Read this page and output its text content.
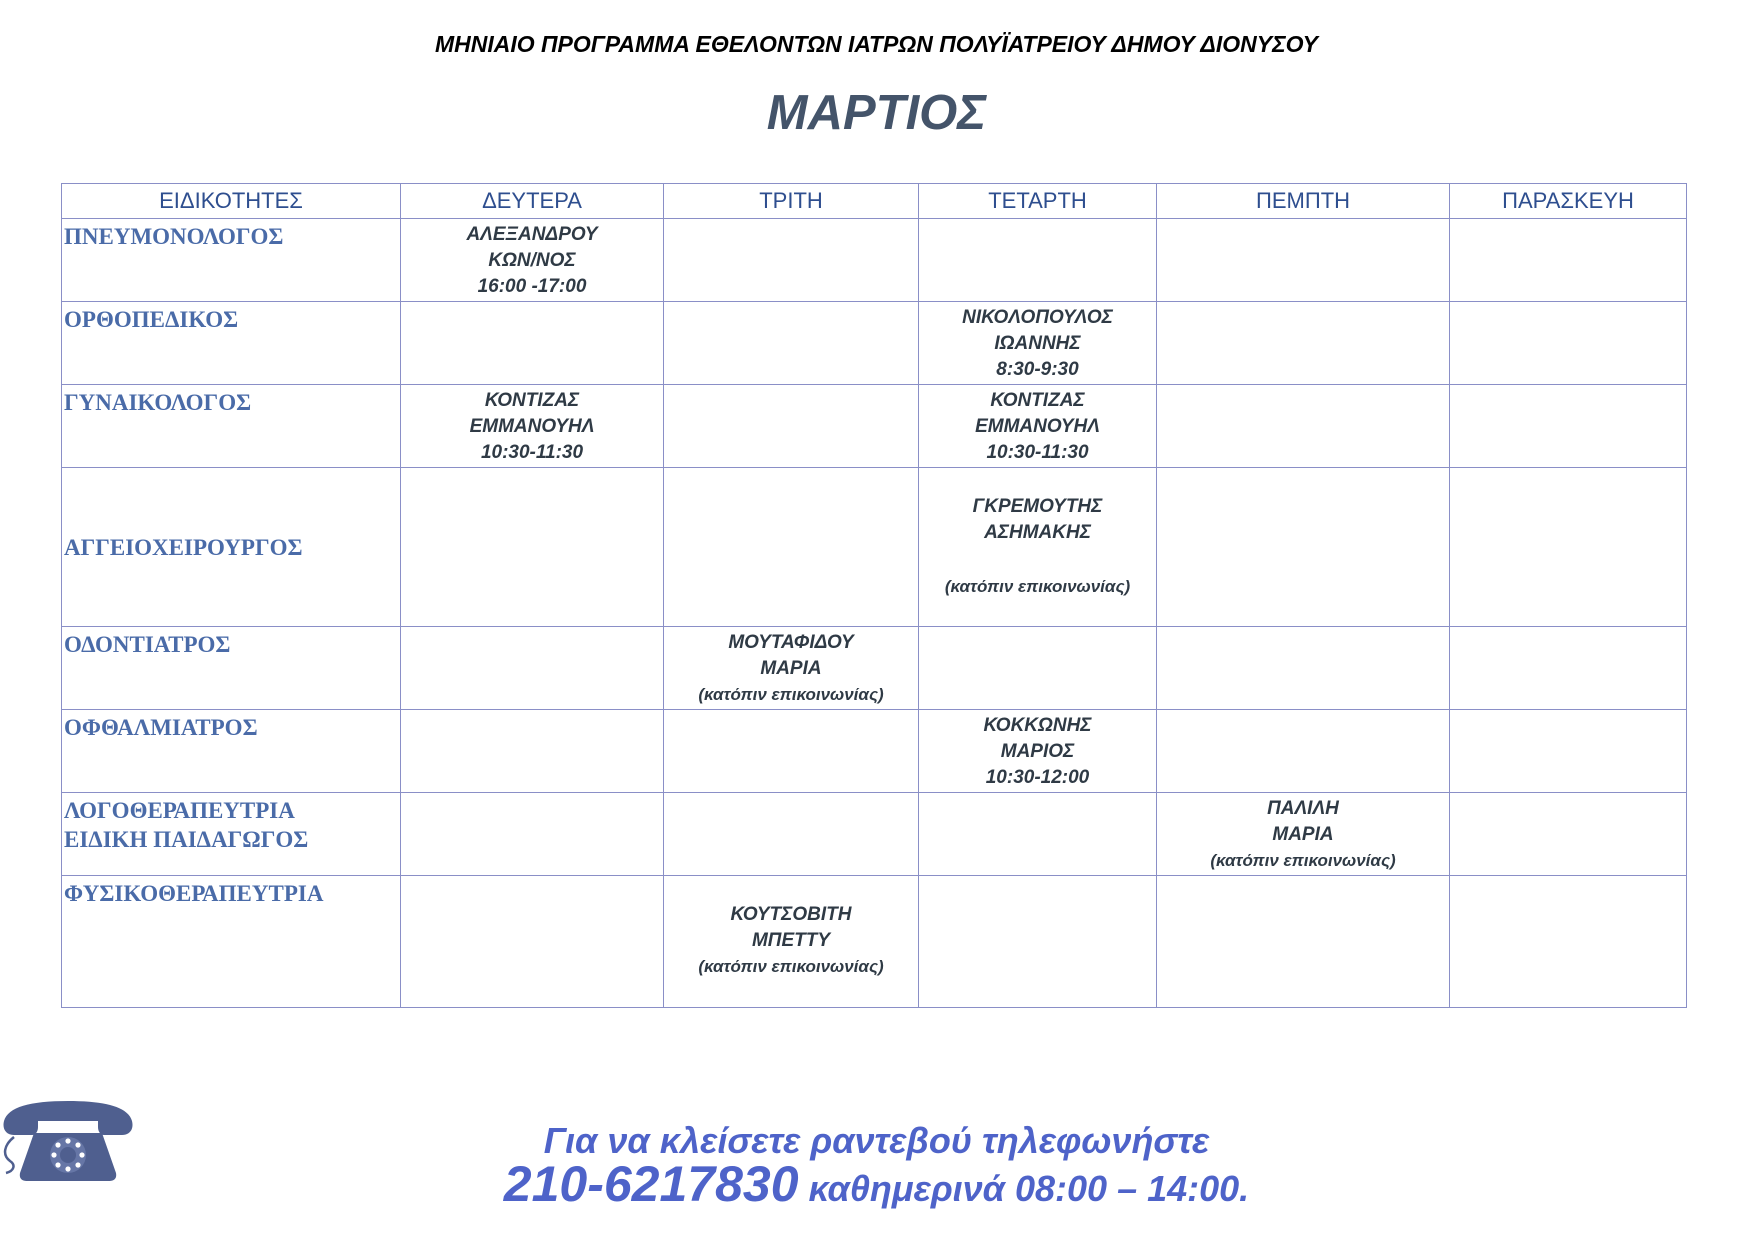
ΜΗΝΙΑΙΟ ΠΡΟΓΡΑΜΜΑ ΕΘΕΛΟΝΤΩΝ ΙΑΤΡΩΝ ΠΟΛΥΪΑΤΡΕΙΟΥ ΔΗΜΟΥ ΔΙΟΝΥΣΟΥ
ΜΑΡΤΙΟΣ
ΕΙΔΙΚΟΤΗΤΕΣ	ΔΕΥΤΕΡΑ	ΤΡΙΤΗ	ΤΕΤΑΡΤΗ	ΠΕΜΠΤΗ	ΠΑΡΑΣΚΕΥΗ
ΠΝΕΥΜΟΝΟΛΟΓΟΣ	ΑΛΕΞΑΝΔΡΟΥ
ΚΩΝ/ΝΟΣ
16:00 -17:00				

ΟΡΘΟΠΕΔΙΚΟΣ			ΝΙΚΟΛΟΠΟΥΛΟΣ
ΙΩΑΝΝΗΣ
8:30-9:30		

ΓΥΝΑΙΚΟΛΟΓΟΣ	ΚΟΝΤΙΖΑΣ
ΕΜΜΑΝΟΥΗΛ
10:30-11:30		ΚΟΝΤΙΖΑΣ
ΕΜΜΑΝΟΥΗΛ
10:30-11:30		

ΑΓΓΕΙΟΧΕΙΡΟΥΡΓΟΣ			ΓΚΡΕΜΟΥΤΗΣ
ΑΣΗΜΑΚΗΣ
(κατόπιν επικοινωνίας)		

ΟΔΟΝΤΙΑΤΡΟΣ		ΜΟΥΤΑΦΙΔΟΥ
ΜΑΡΙΑ
(κατόπιν επικοινωνίας)			

ΟΦΘΑΛΜΙΑΤΡΟΣ			ΚΟΚΚΩΝΗΣ
ΜΑΡΙΟΣ
10:30-12:00		

ΛΟΓΟΘΕΡΑΠΕΥΤΡΙΑ
ΕΙΔΙΚΗ ΠΑΙΔΑΓΩΓΟΣ				ΠΑΛΙΛΗ
ΜΑΡΙΑ
(κατόπιν επικοινωνίας)	

ΦΥΣΙΚΟΘΕΡΑΠΕΥΤΡΙΑ		ΚΟΥΤΣΟΒΙΤΗ
ΜΠΕΤΤΥ
(κατόπιν επικοινωνίας)			

Για να κλείσετε ραντεβού τηλεφωνήστε

210-6217830 καθημερινά 08:00 – 14:00.
